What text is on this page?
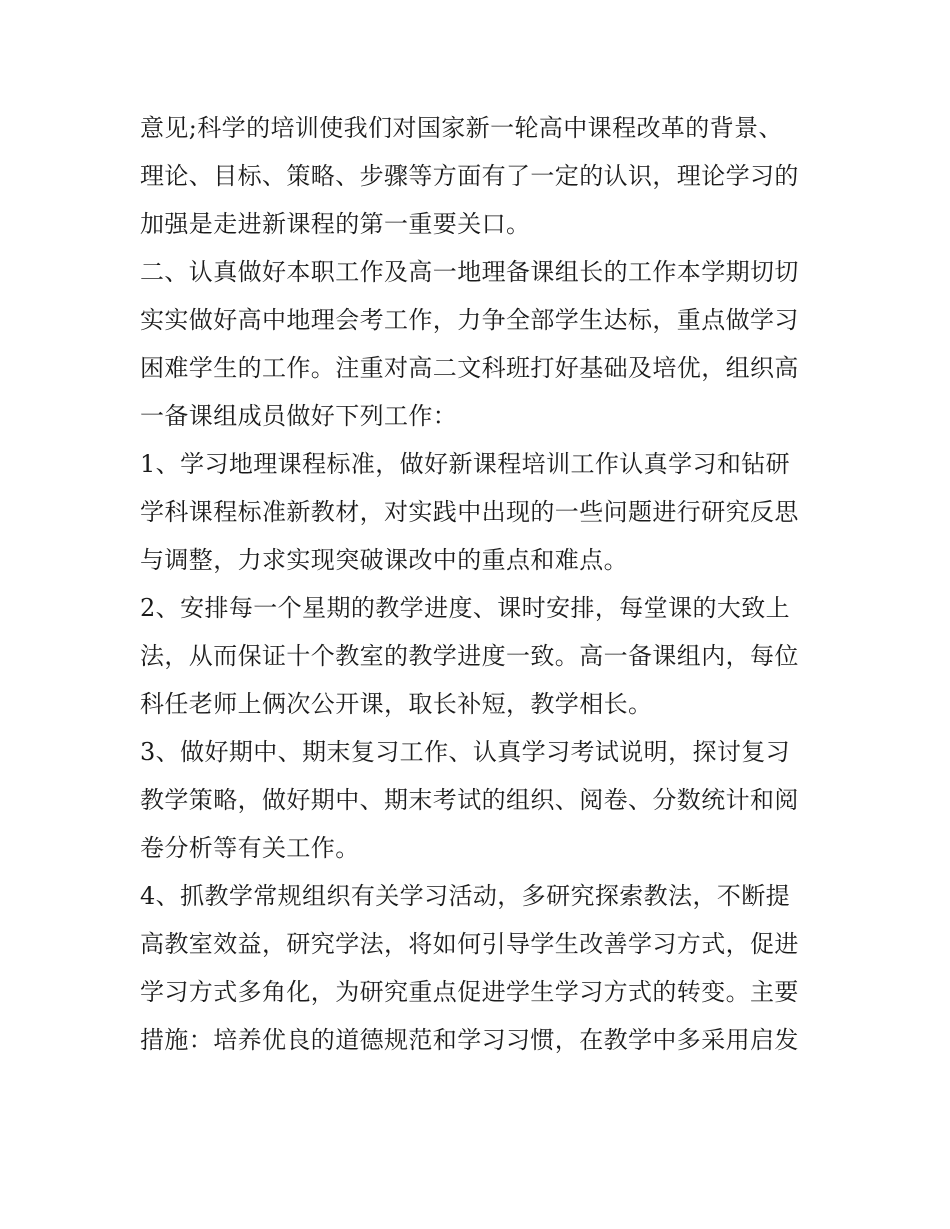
意见;科学的培训使我们对国家新一轮高中课程改革的背景、
理论、目标、策略、步骤等方面有了一定的认识，理论学习的
加强是走进新课程的第一重要关口。
二、认真做好本职工作及高一地理备课组长的工作本学期切切
实实做好高中地理会考工作，力争全部学生达标，重点做学习
困难学生的工作。注重对高二文科班打好基础及培优，组织高
一备课组成员做好下列工作：
1、学习地理课程标准，做好新课程培训工作认真学习和钻研
学科课程标准新教材，对实践中出现的一些问题进行研究反思
与调整，力求实现突破课改中的重点和难点。
2、安排每一个星期的教学进度、课时安排，每堂课的大致上
法，从而保证十个教室的教学进度一致。高一备课组内，每位
科任老师上俩次公开课，取长补短，教学相长。
3、做好期中、期末复习工作、认真学习考试说明，探讨复习
教学策略，做好期中、期末考试的组织、阅卷、分数统计和阅
卷分析等有关工作。
4、抓教学常规组织有关学习活动，多研究探索教法，不断提
高教室效益，研究学法，将如何引导学生改善学习方式，促进
学习方式多角化，为研究重点促进学生学习方式的转变。主要
措施：培养优良的道德规范和学习习惯，在教学中多采用启发
